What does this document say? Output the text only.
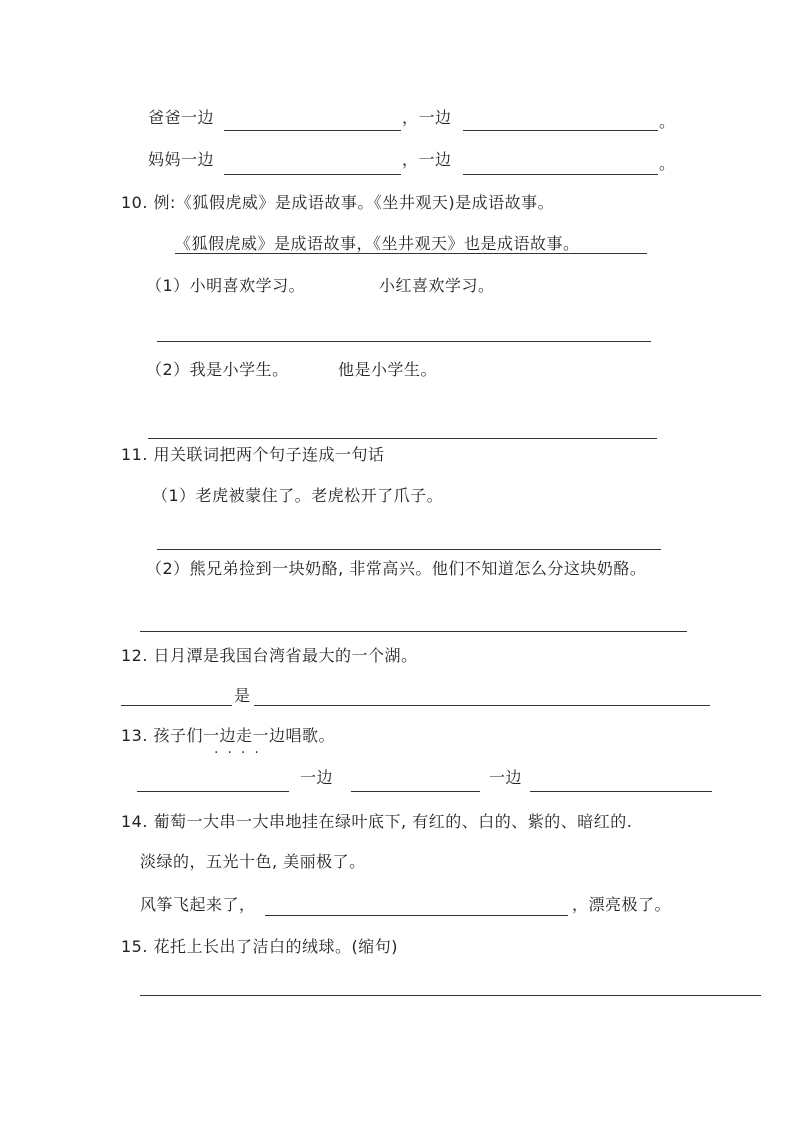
爸爸一边	，一边	。
妈妈一边	，一边	。
10. 例:《狐假虎威》是成语故事。《坐井观天)是成语故事。
《狐假虎威》是成语故事，《坐井观天》也是成语故事。
（1）小明喜欢学习。	小红喜欢学习。
（2）我是小学生。	他是小学生。
11. 用关联词把两个句子连成一句话
（1）老虎被蒙住了。老虎松开了爪子。
（2）熊兄弟捡到一块奶酪, 非常高兴。他们不知道怎么分这块奶酪。
12. 日月潭是我国台湾省最大的一个湖。
是
13. 孩子们一边走一边唱歌。
....
一边	一边
14. 葡萄一大串一大串地挂在绿叶底下, 有红的、白的、紫的、暗红的.
淡绿的，五光十色, 美丽极了。
风筝飞起来了，	，漂亮极了。
15. 花托上长出了洁白的绒球。(缩句)
